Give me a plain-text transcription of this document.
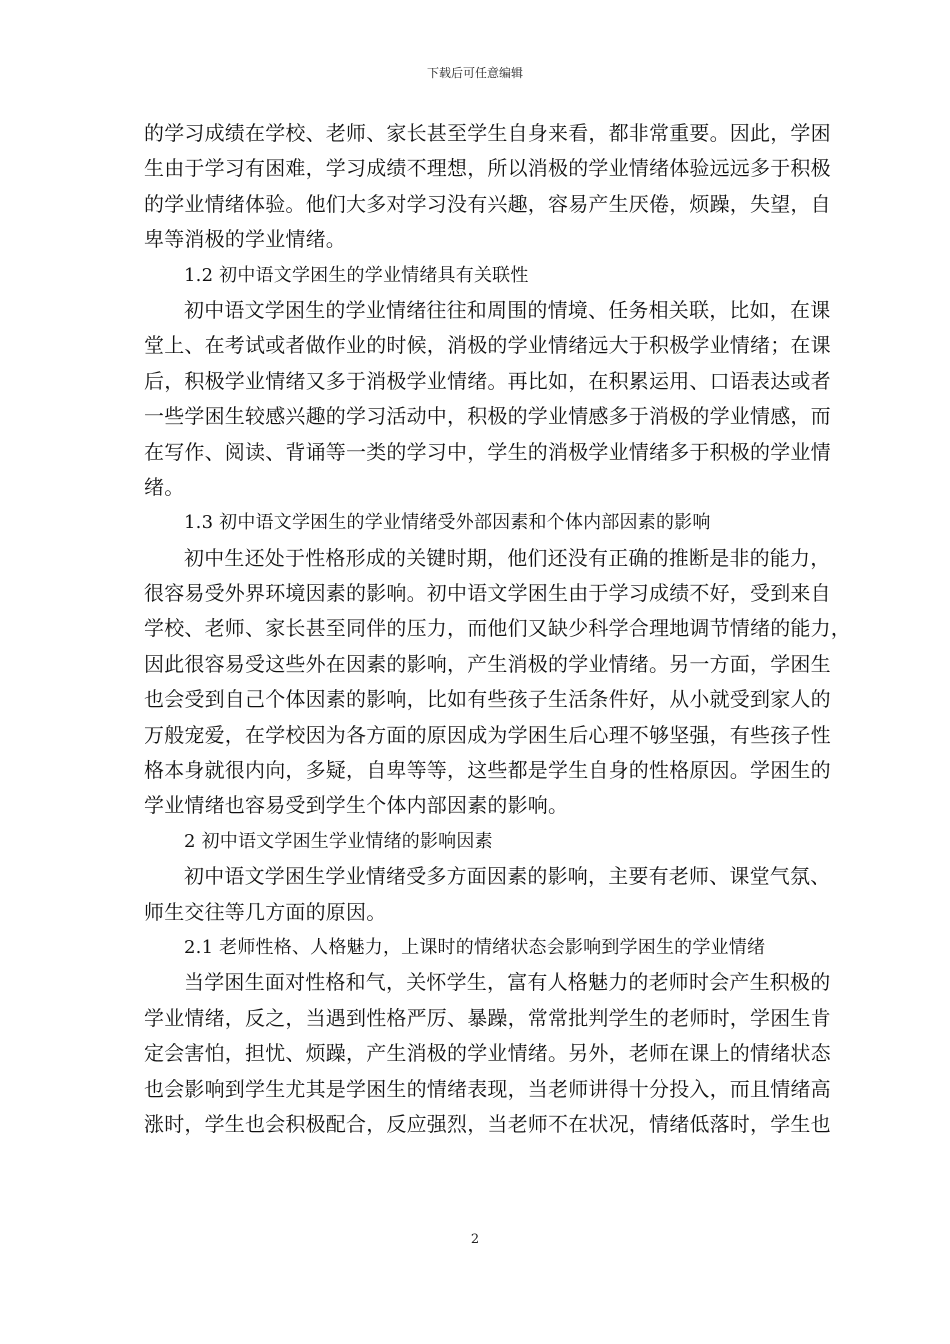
下载后可任意编辑
的学习成绩在学校、老师、家长甚至学生自身来看，都非常重要。因此，学困
生由于学习有困难，学习成绩不理想，所以消极的学业情绪体验远远多于积极
的学业情绪体验。他们大多对学习没有兴趣，容易产生厌倦，烦躁，失望，自
卑等消极的学业情绪。
1.2 初中语文学困生的学业情绪具有关联性
初中语文学困生的学业情绪往往和周围的情境、任务相关联，比如，在课
堂上、在考试或者做作业的时候，消极的学业情绪远大于积极学业情绪；在课
后，积极学业情绪又多于消极学业情绪。再比如，在积累运用、口语表达或者
一些学困生较感兴趣的学习活动中，积极的学业情感多于消极的学业情感，而
在写作、阅读、背诵等一类的学习中，学生的消极学业情绪多于积极的学业情
绪。
1.3 初中语文学困生的学业情绪受外部因素和个体内部因素的影响
初中生还处于性格形成的关键时期，他们还没有正确的推断是非的能力，
很容易受外界环境因素的影响。初中语文学困生由于学习成绩不好，受到来自
学校、老师、家长甚至同伴的压力，而他们又缺少科学合理地调节情绪的能力，
因此很容易受这些外在因素的影响，产生消极的学业情绪。另一方面，学困生
也会受到自己个体因素的影响，比如有些孩子生活条件好，从小就受到家人的
万般宠爱，在学校因为各方面的原因成为学困生后心理不够坚强，有些孩子性
格本身就很内向，多疑，自卑等等，这些都是学生自身的性格原因。学困生的
学业情绪也容易受到学生个体内部因素的影响。
2 初中语文学困生学业情绪的影响因素
初中语文学困生学业情绪受多方面因素的影响，主要有老师、课堂气氛、
师生交往等几方面的原因。
2.1 老师性格、人格魅力，上课时的情绪状态会影响到学困生的学业情绪
当学困生面对性格和气，关怀学生，富有人格魅力的老师时会产生积极的
学业情绪，反之，当遇到性格严厉、暴躁，常常批判学生的老师时，学困生肯
定会害怕，担忧、烦躁，产生消极的学业情绪。另外，老师在课上的情绪状态
也会影响到学生尤其是学困生的情绪表现，当老师讲得十分投入，而且情绪高
涨时，学生也会积极配合，反应强烈，当老师不在状况，情绪低落时，学生也
2
